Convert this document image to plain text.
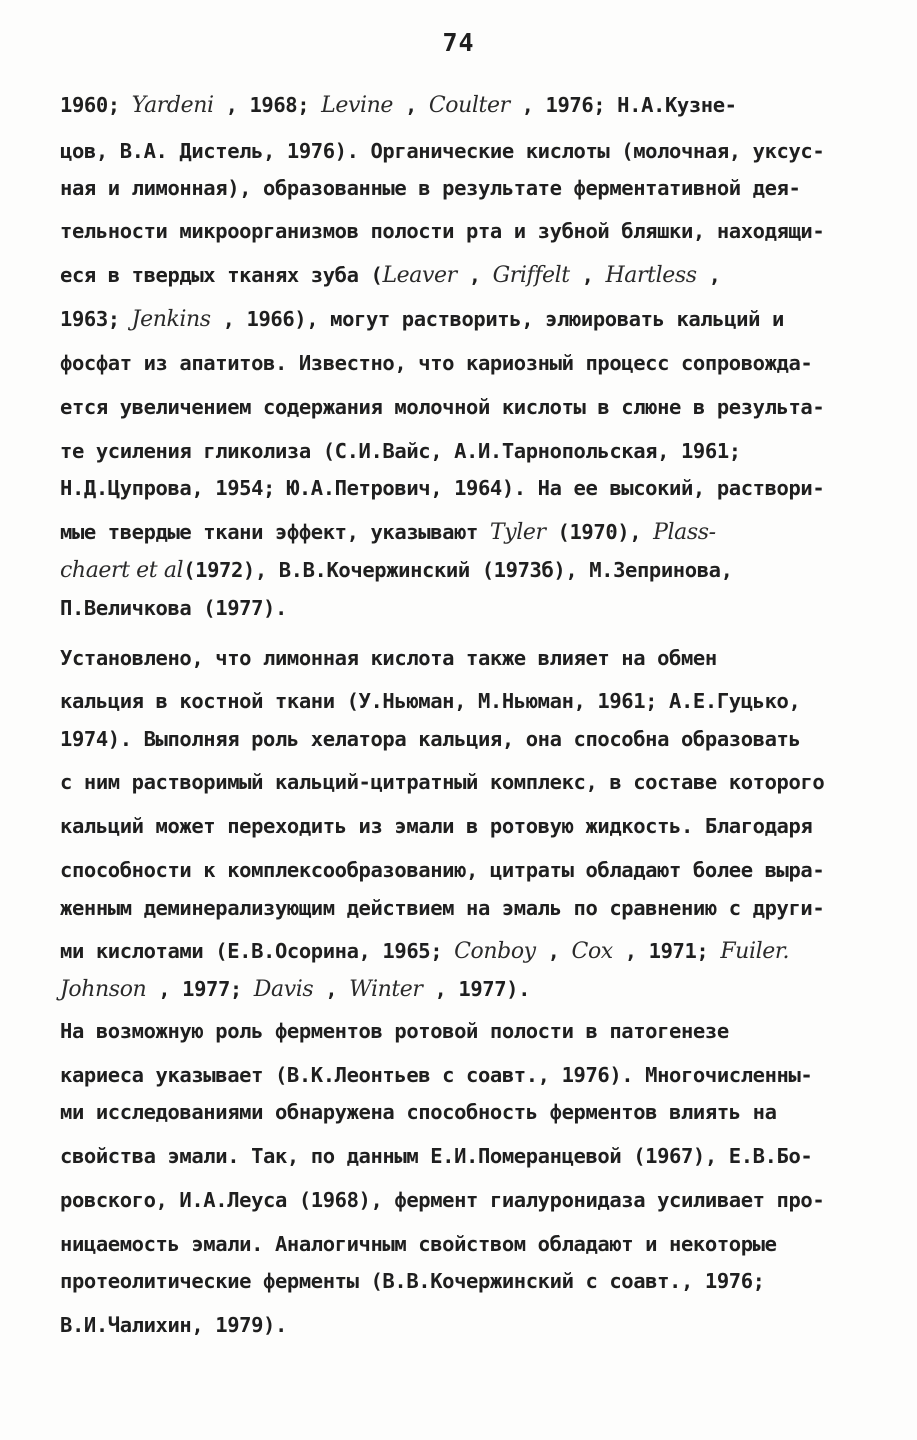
74
1960; Yardeni , 1968; Levine , Coulter , 1976; Н.А.Кузне-
цов, В.А. Дистель, 1976). Органические кислоты (молочная, уксус-
ная и лимонная), образованные в результате ферментативной дея-
тельности микроорганизмов полости рта и зубной бляшки, находящи-
еся в твердых тканях зуба (Leaver , Griffelt , Hartless ,
1963; Jenkins , 1966), могут растворить, элюировать кальций и
фосфат из апатитов. Известно, что кариозный процесс сопровожда-
ется увеличением содержания молочной кислоты в слюне в результа-
те усиления гликолиза (С.И.Вайс, А.И.Тарнопольская, 1961;
Н.Д.Цупрова, 1954; Ю.А.Петрович, 1964). На ее высокий, раствори-
мые твердые ткани эффект, указывают Tyler (1970), Plass-
chaert et al(1972), В.В.Кочержинский (1973б), М.Зепринова,
П.Величкова (1977).
Установлено, что лимонная кислота также влияет на обмен
кальция в костной ткани (У.Ньюман, М.Ньюман, 1961; А.Е.Гуцько,
1974). Выполняя роль хелатора кальция, она способна образовать
с ним растворимый кальций-цитратный комплекс, в составе которого
кальций может переходить из эмали в ротовую жидкость. Благодаря
способности к комплексообразованию, цитраты обладают более выра-
женным деминерализующим действием на эмаль по сравнению с други-
ми кислотами (Е.В.Осорина, 1965; Conboy , Cox , 1971; Fuiler.
Johnson , 1977; Davis , Winter , 1977).
На возможную роль ферментов ротовой полости в патогенезе
кариеса указывает (В.К.Леонтьев с соавт., 1976). Многочисленны-
ми исследованиями обнаружена способность ферментов влиять на
свойства эмали. Так, по данным Е.И.Померанцевой (1967), Е.В.Бо-
ровского, И.А.Леуса (1968), фермент гиалуронидаза усиливает про-
ницаемость эмали. Аналогичным свойством обладают и некоторые
протеолитические ферменты (В.В.Кочержинский с соавт., 1976;
В.И.Чалихин, 1979).
